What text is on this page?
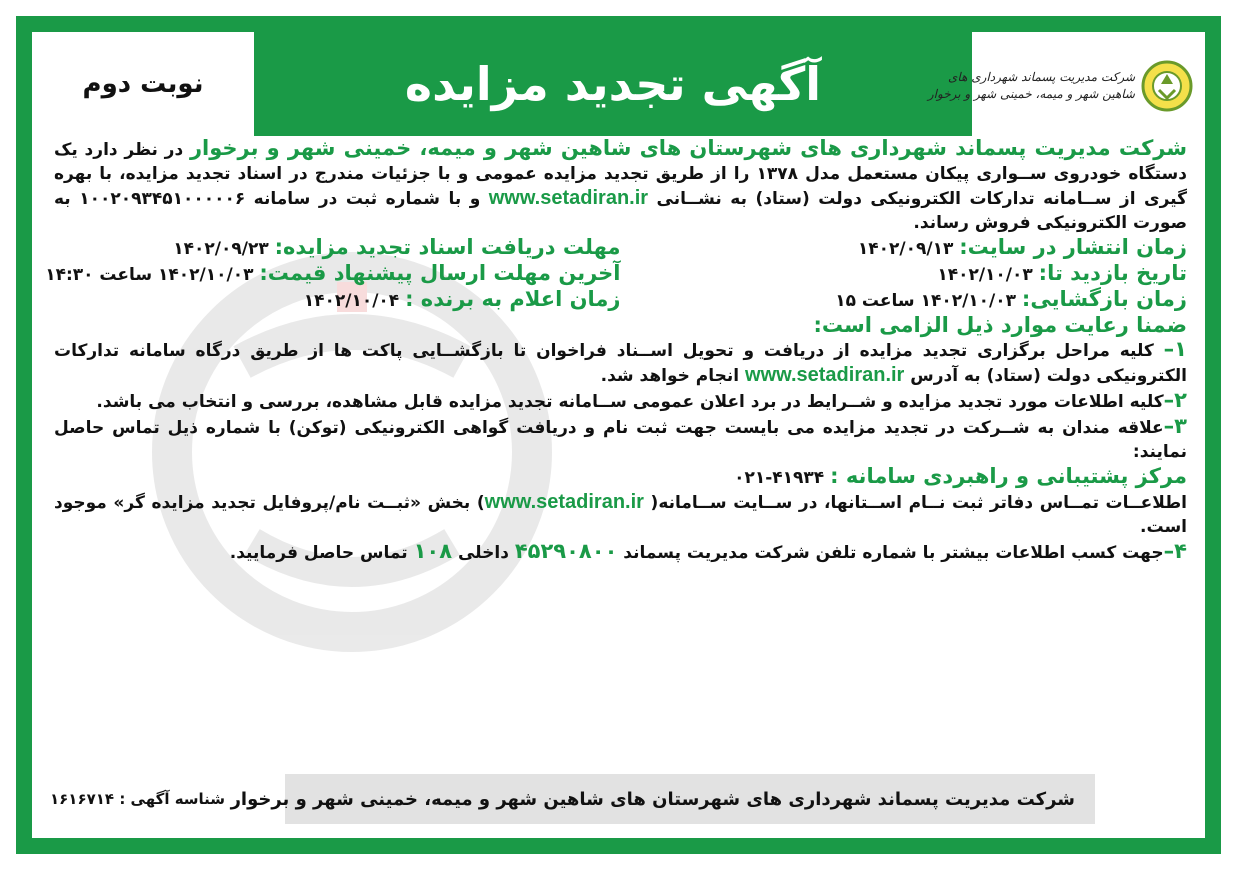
نوبت دوم	آگهی تجدید مزایده	شرکت مدیریت پسماند شهرداری های
شاهین شهر و میمه، خمینی شهر و برخوار

شرکت مدیریت پسماند شهرداری های شهرستان های شاهین شهر و میمه، خمینی شهر و برخوار در نظر دارد یک دستگاه خودروی ســواری پیکان مستعمل مدل ۱۳۷۸ را از طریق تجدید مزایده عمومی و با جزئیات مندرج در اسناد تجدید مزایده، با بهره گیری از ســامانه تدارکات الکترونیکی دولت (ستاد) به نشــانی www.setadiran.ir و با شماره ثبت در سامانه ۱۰۰۲۰۹۳۴۵۱۰۰۰۰۰۶ به صورت الکترونیکی فروش رساند.

زمان انتشار در سایت: ۱۴۰۲/۰۹/۱۳
مهلت دریافت اسناد تجدید مزایده: ۱۴۰۲/۰۹/۲۳
تاریخ بازدید تا: ۱۴۰۲/۱۰/۰۳
آخرین مهلت ارسال پیشنهاد قیمت: ۱۴۰۲/۱۰/۰۳ ساعت ۱۴:۳۰
زمان بازگشایی: ۱۴۰۲/۱۰/۰۳ ساعت ۱۵
زمان اعلام به برنده : ۱۴۰۲/۱۰/۰۴

ضمنا رعایت موارد ذیل الزامی است:

۱– کلیه مراحل برگزاری تجدید مزایده از دریافت و تحویل اســناد فراخوان تا بازگشــایی پاکت ها از طریق درگاه سامانه تدارکات الکترونیکی دولت (ستاد) به آدرس www.setadiran.ir انجام خواهد شد.

۲–کلیه اطلاعات مورد تجدید مزایده و شــرایط در برد اعلان عمومی ســامانه تجدید مزایده قابل مشاهده، بررسی و انتخاب می باشد.

۳–علاقه مندان به شــرکت در تجدید مزایده می بایست جهت ثبت نام و دریافت گواهی الکترونیکی (توکن) با شماره ذیل تماس حاصل نمایند:

مرکز پشتیبانی و راهبردی سامانه : ۴۱۹۳۴-۰۲۱

اطلاعــات تمــاس دفاتر ثبت نــام اســتانها، در ســایت ســامانه( www.setadiran.ir) بخش «ثبــت نام/پروفایل تجدید مزایده گر» موجود است.

۴–جهت کسب اطلاعات بیشتر با شماره تلفن شرکت مدیریت پسماند ۴۵۲۹۰۸۰۰ داخلی ۱۰۸ تماس حاصل فرمایید.

شرکت مدیریت پسماند شهرداری های شهرستان های شاهین شهر و میمه، خمینی شهر و برخوار
شناسه آگهی : ۱۶۱۶۷۱۴
